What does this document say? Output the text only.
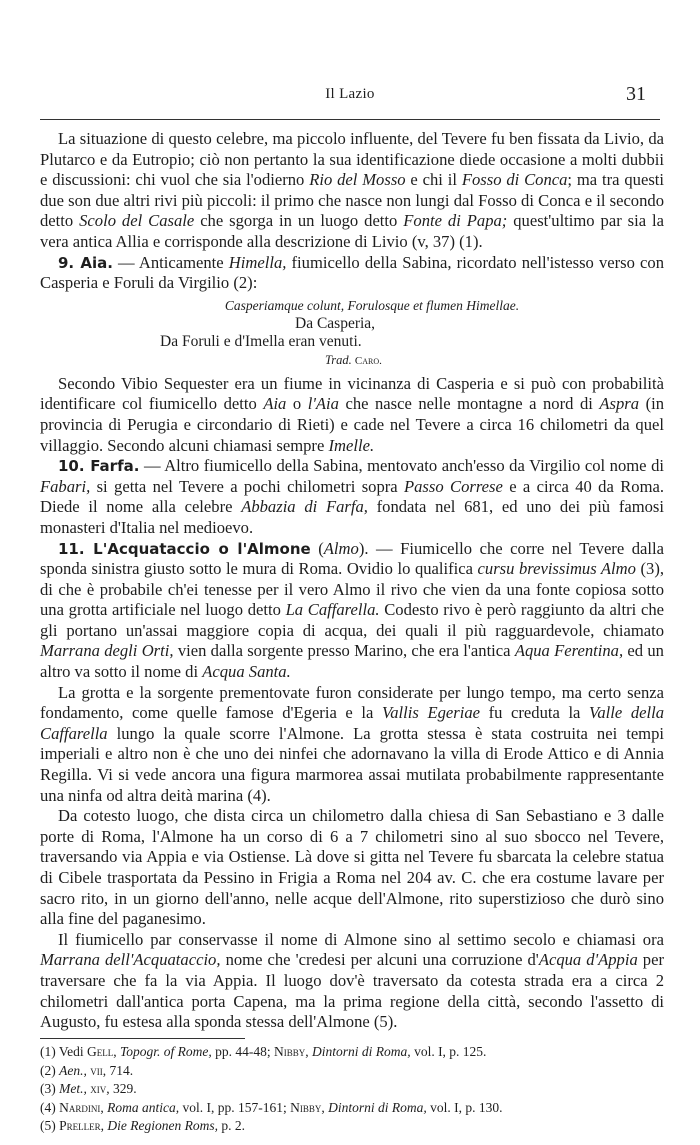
Il Lazio	31

La situazione di questo celebre, ma piccolo influente, del Tevere fu ben fissata da Livio, da Plutarco e da Eutropio; ciò non pertanto la sua identificazione diede occasione a molti dubbii e discussioni: chi vuol che sia l'odierno Rio del Mosso e chi il Fosso di Conca; ma tra questi due son due altri rivi più piccoli: il primo che nasce non lungi dal Fosso di Conca e il secondo detto Scolo del Casale che sgorga in un luogo detto Fonte di Papa; quest'ultimo par sia la vera antica Allia e corrisponde alla descrizione di Livio (v, 37) (1).

9. Aia. — Anticamente Himella, fiumicello della Sabina, ricordato nell'istesso verso con Casperia e Foruli da Virgilio (2):

Casperiamque colunt, Forulosque et flumen Himellae.
Da Casperia,
Da Foruli e d'Imella eran venuti.
Trad. Caro.

Secondo Vibio Sequester era un fiume in vicinanza di Casperia e si può con probabilità identificare col fiumicello detto Aia o l'Aia che nasce nelle montagne a nord di Aspra (in provincia di Perugia e circondario di Rieti) e cade nel Tevere a circa 16 chilometri da quel villaggio. Secondo alcuni chiamasi sempre Imelle.

10. Farfa. — Altro fiumicello della Sabina, mentovato anch'esso da Virgilio col nome di Fabari, si getta nel Tevere a pochi chilometri sopra Passo Correse e a circa 40 da Roma. Diede il nome alla celebre Abbazia di Farfa, fondata nel 681, ed uno dei più famosi monasteri d'Italia nel medioevo.

11. L'Acquataccio o l'Almone (Almo). — Fiumicello che corre nel Tevere dalla sponda sinistra giusto sotto le mura di Roma. Ovidio lo qualifica cursu brevissimus Almo (3), di che è probabile ch'ei tenesse per il vero Almo il rivo che vien da una fonte copiosa sotto una grotta artificiale nel luogo detto La Caffarella. Codesto rivo è però raggiunto da altri che gli portano un'assai maggiore copia di acqua, dei quali il più ragguardevole, chiamato Marrana degli Orti, vien dalla sorgente presso Marino, che era l'antica Aqua Ferentina, ed un altro va sotto il nome di Acqua Santa.

La grotta e la sorgente prementovate furon considerate per lungo tempo, ma certo senza fondamento, come quelle famose d'Egeria e la Vallis Egeriae fu creduta la Valle della Caffarella lungo la quale scorre l'Almone. La grotta stessa è stata costruita nei tempi imperiali e altro non è che uno dei ninfei che adornavano la villa di Erode Attico e di Annia Regilla. Vi si vede ancora una figura marmorea assai mutilata probabilmente rappresentante una ninfa od altra deità marina (4).

Da cotesto luogo, che dista circa un chilometro dalla chiesa di San Sebastiano e 3 dalle porte di Roma, l'Almone ha un corso di 6 a 7 chilometri sino al suo sbocco nel Tevere, traversando via Appia e via Ostiense. Là dove si gitta nel Tevere fu sbarcata la celebre statua di Cibele trasportata da Pessino in Frigia a Roma nel 204 av. C. che era costume lavare per sacro rito, in un giorno dell'anno, nelle acque dell'Almone, rito superstizioso che durò sino alla fine del paganesimo.

Il fiumicello par conservasse il nome di Almone sino al settimo secolo e chiamasi ora Marrana dell'Acquataccio, nome che 'credesi per alcuni una corruzione d'Acqua d'Appia per traversare che fa la via Appia. Il luogo dov'è traversato da cotesta strada era a circa 2 chilometri dall'antica porta Capena, ma la prima regione della città, secondo l'assetto di Augusto, fu estesa alla sponda stessa dell'Almone (5).

(1) Vedi Gell, Topogr. of Rome, pp. 44-48; Nibby, Dintorni di Roma, vol. I, p. 125.
(2) Aen., vii, 714.
(3) Met., xiv, 329.
(4) Nardini, Roma antica, vol. I, pp. 157-161; Nibby, Dintorni di Roma, vol. I, p. 130.
(5) Preller, Die Regionen Roms, p. 2.
